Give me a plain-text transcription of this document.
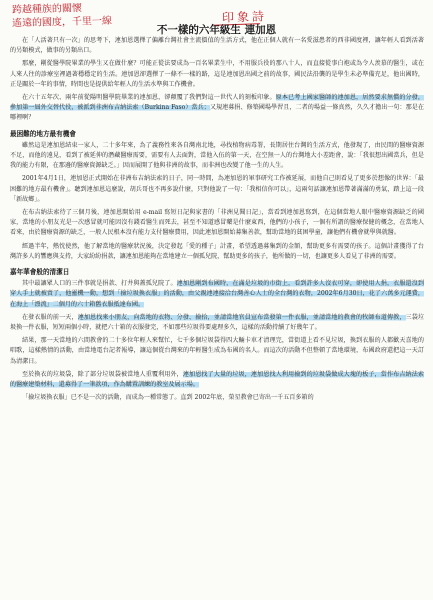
跨越種族的關懷
遙遠的國度，千里一線	印象詩
不一樣的六年級生 連加恩

在「人活著只有一次」的思考下，連加恩選擇了偏離台灣社會主流價值的生活方式，他在正個人就有一名愛滋患者的西非國度裡，讓年輕人看到活著的另類模式，做事的另類出口。

那麼，剛從醫學院畢業的學生又在做什麼？可能正從法要成為一百名畢業生中，不用服兵役的那八十人，而直接從事白袍或為令人羨慕的醫生，或在人來人往的診療室裡過著穩穩定的生活。連加恩卻選擇了一條不一樣的路，這是連加恩出國之前的故事，國民法沿襲的是學生未必準備充足，他出國時，正是關於一年的事情，時間也是提供給年輕人的生活水準與工作機會。

在六十五年次、兩年前從陽明醫學院畢業的連加恩，卻顛覆了我們對這一世代人的刻板印象。原本已考上國家醫師的連加恩，居然要求無償的分發，參加第一屆外交替代役，被派到非洲布吉納法索（Burkina Faso）當兵；又規連募捐、修築國場學習且，二者的場益一條真然，久久才擔出一句：那是在哪裡啊？

最困難的地方最有機會

雖然這是連加恩結束一家人，二十多年來，為了義務性來各自灣南北地，尋找植物病毒署，長期居住台灣的生活方式，他發現了，由民間的醫療資源不足，而他的遠見，看到了被延伸的潛藏醫療需要，需要有人去面對，當他入伍的第一天，在空無一人的台灣地大小差距會，說：「我很想出國當兵，但是我的能力有限，在那邊的醫療資源缺乏。」因而展開了他與非洲的故事，而非洲也改變了他一生的人生。

2001年4月1日，連加恩正式開始在非洲布吉納法索的日子，同一時間，為連加恩的軍事研究工作被延展，而他自己則看見了更多於想像的世界：「最困難的地方最有機會」。聽到連加恩這麼說，胡兵哥也不再多說什麼，只對他說了一句：「我相信你可以」，這兩句話讓連加恩帶著滿滿的勇氣，踏上這一段「新故鄉」。

在布吉納法索待了三個月後，連加恩開始用 e-mail 寫短日記與家書的「非洲見聞日記」，當看到連加恩寫到，在這個當地人眼中醫療資源缺乏的國家，當地的小朋友光是一次感冒就可能因沒有錢看醫生而死去，甚至不知道感冒藥是什麼東西，他們的小孩子，一個有所謂的醫療保健的概念，在當地人看來，由於醫療資源的缺乏，一般人民根本沒有能力支付醫療費用，因此連加恩開始募集善款，幫助當地的貧困學童，讓他們有機會就學與就醫。

經過半年，熱忱使然，他了解當地的醫療狀況後，決定發起「愛的種子」計畫，希望透過募集到的金額，幫助更多有需要的孩子。這個計畫獲得了台灣許多人的響應與支持，大家紛紛捐款，讓連加恩能夠在當地建立一個孤兒院，幫助更多的孩子，他所做的一切，也讓更多人看見了非洲的需要。

嘉年華會般的清潔日

其中最讓眾人口的三件事就是捐款、打井與蓋孤兒院了。連加恩剛到布國時，在滿是垃圾的市街上，看到許多人沒衣可穿，卻使用人捐，衣服還沒到穿人手上就被賣了，他靈機一動，想到「撿垃圾換衣服」的活動，由父親連連接洽台灣善心人士的全台灣的衣物，2002年6月30日，花了六萬多元運費，在海上「漂流」二個月的六十箱舊衣服抵達布國。

在發衣服的前一天，連加恩找來小朋友，向當地的衣物、分發、撿拾，並請當地官員宣布當發第一件衣服，並請當地的教會的牧師布道傳教，三袋垃圾換一件衣服，短短兩個小時，就把六十箱的衣服發完，不如那些垃圾得要處理多久，這樣的活動持續了好幾年了。

結果，那一天當地的六間教會的二十多位年輕人來幫忙，七千多個垃圾袋得四大輛卡車才清理完，當街道上看不見垃圾，換到衣服的人都歡天喜地的唱歌，這樣熱情的活動，由當地電台記者報導，讓這個從台灣來的年輕醫生成為布國的名人。而這次的活動不但整頓了當地環境，布國政府還把這一天訂為清潔日。

至於換衣的垃圾袋，除了部分垃圾袋被當地人重覆利用外，連加恩找了大量的垃圾，連加恩找人利用撿到的垃圾袋做成大塊的板子，當作布吉納法索的醫療建築材料，還募得了一筆款項，作為購置訓練的教室及展示場。

「撿垃圾換衣服」已不是一次的活動，而成為一種常態了。直到 2002年底，榮星教會已寄出一千五百多箱的
